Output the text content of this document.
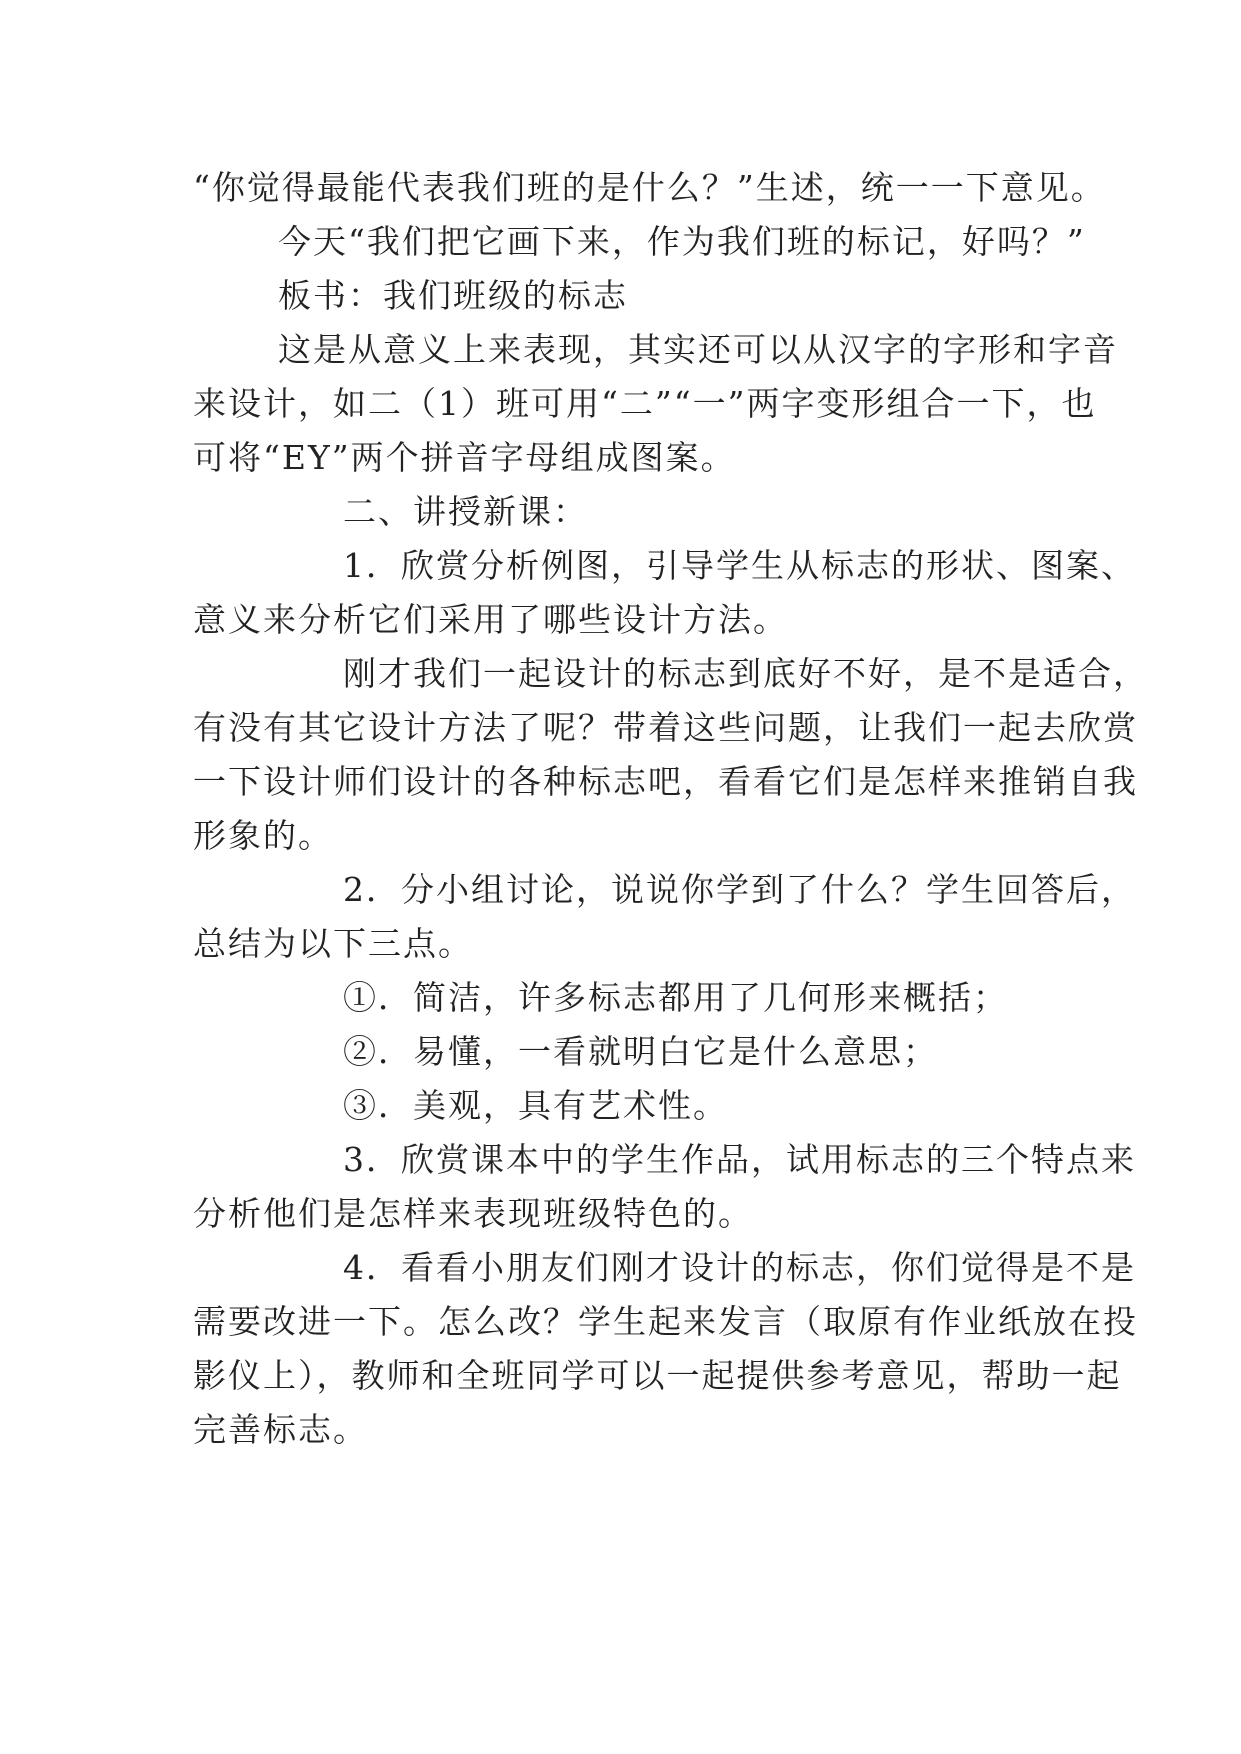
“你觉得最能代表我们班的是什么？”生述，统一一下意见。
今天“我们把它画下来，作为我们班的标记，好吗？”
板书：我们班级的标志
这是从意义上来表现，其实还可以从汉字的字形和字音
来设计，如二（1）班可用“二”“一”两字变形组合一下，也
可将“EY”两个拼音字母组成图案。
二、讲授新课：
1．欣赏分析例图，引导学生从标志的形状、图案、
意义来分析它们采用了哪些设计方法。
刚才我们一起设计的标志到底好不好，是不是适合，
有没有其它设计方法了呢？带着这些问题，让我们一起去欣赏
一下设计师们设计的各种标志吧，看看它们是怎样来推销自我
形象的。
2．分小组讨论，说说你学到了什么？学生回答后，
总结为以下三点。
①．简洁，许多标志都用了几何形来概括；
②．易懂，一看就明白它是什么意思；
③．美观，具有艺术性。
3．欣赏课本中的学生作品，试用标志的三个特点来
分析他们是怎样来表现班级特色的。
4．看看小朋友们刚才设计的标志，你们觉得是不是
需要改进一下。怎么改？学生起来发言（取原有作业纸放在投
影仪上），教师和全班同学可以一起提供参考意见，帮助一起
完善标志。
